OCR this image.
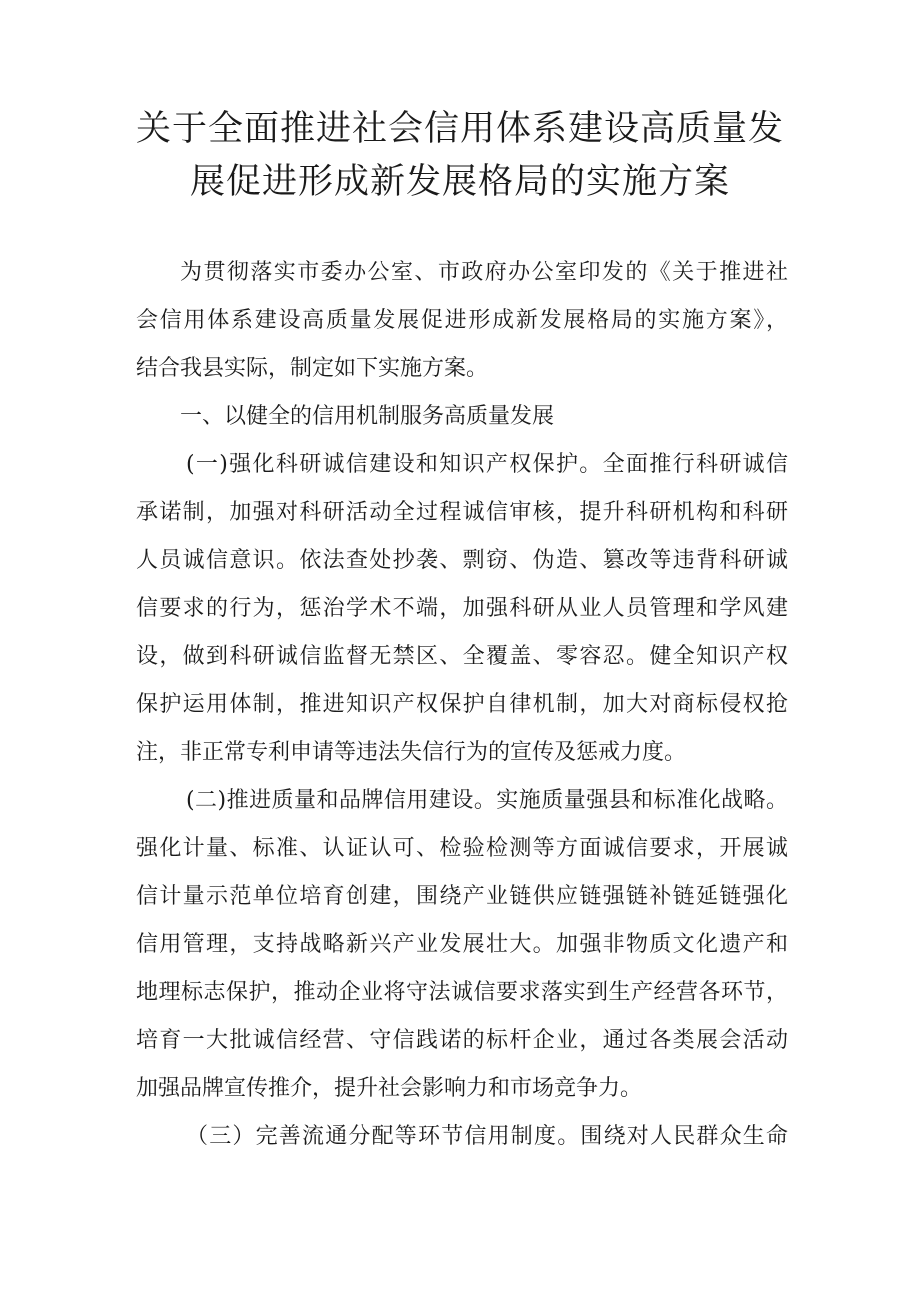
关于全面推进社会信用体系建设高质量发
展促进形成新发展格局的实施方案
为贯彻落实市委办公室、市政府办公室印发的《关于推进社
会信用体系建设高质量发展促进形成新发展格局的实施方案》，
结合我县实际，制定如下实施方案。
一、以健全的信用机制服务高质量发展
(一)强化科研诚信建设和知识产权保护。全面推行科研诚信
承诺制，加强对科研活动全过程诚信审核，提升科研机构和科研
人员诚信意识。依法查处抄袭、剽窃、伪造、篡改等违背科研诚
信要求的行为，惩治学术不端，加强科研从业人员管理和学风建
设，做到科研诚信监督无禁区、全覆盖、零容忍。健全知识产权
保护运用体制，推进知识产权保护自律机制，加大对商标侵权抢
注，非正常专利申请等违法失信行为的宣传及惩戒力度。
(二)推进质量和品牌信用建设。实施质量强县和标准化战略。
强化计量、标准、认证认可、检验检测等方面诚信要求，开展诚
信计量示范单位培育创建，围绕产业链供应链强链补链延链强化
信用管理，支持战略新兴产业发展壮大。加强非物质文化遗产和
地理标志保护，推动企业将守法诚信要求落实到生产经营各环节，
培育一大批诚信经营、守信践诺的标杆企业，通过各类展会活动
加强品牌宣传推介，提升社会影响力和市场竞争力。
（三）完善流通分配等环节信用制度。围绕对人民群众生命
